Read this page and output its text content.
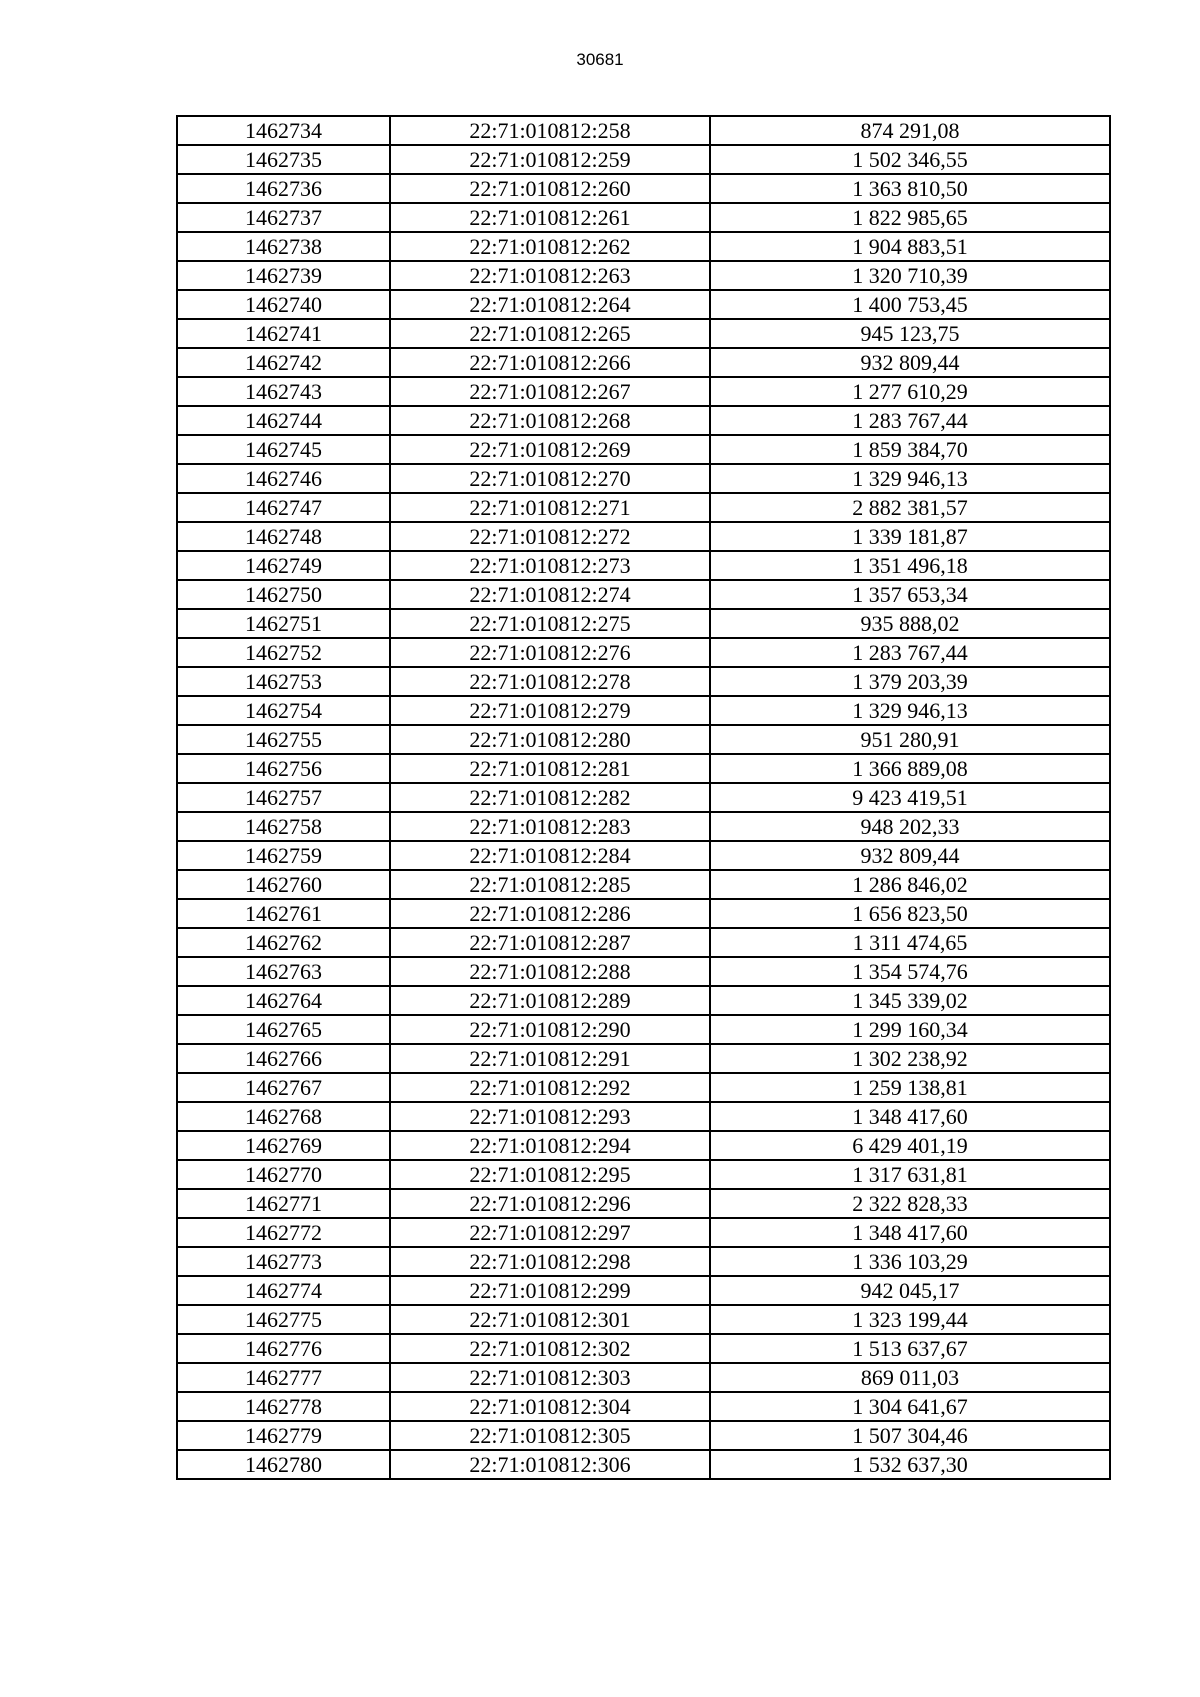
30681
1462734	22:71:010812:258	874 291,08
1462735	22:71:010812:259	1 502 346,55
1462736	22:71:010812:260	1 363 810,50
1462737	22:71:010812:261	1 822 985,65
1462738	22:71:010812:262	1 904 883,51
1462739	22:71:010812:263	1 320 710,39
1462740	22:71:010812:264	1 400 753,45
1462741	22:71:010812:265	945 123,75
1462742	22:71:010812:266	932 809,44
1462743	22:71:010812:267	1 277 610,29
1462744	22:71:010812:268	1 283 767,44
1462745	22:71:010812:269	1 859 384,70
1462746	22:71:010812:270	1 329 946,13
1462747	22:71:010812:271	2 882 381,57
1462748	22:71:010812:272	1 339 181,87
1462749	22:71:010812:273	1 351 496,18
1462750	22:71:010812:274	1 357 653,34
1462751	22:71:010812:275	935 888,02
1462752	22:71:010812:276	1 283 767,44
1462753	22:71:010812:278	1 379 203,39
1462754	22:71:010812:279	1 329 946,13
1462755	22:71:010812:280	951 280,91
1462756	22:71:010812:281	1 366 889,08
1462757	22:71:010812:282	9 423 419,51
1462758	22:71:010812:283	948 202,33
1462759	22:71:010812:284	932 809,44
1462760	22:71:010812:285	1 286 846,02
1462761	22:71:010812:286	1 656 823,50
1462762	22:71:010812:287	1 311 474,65
1462763	22:71:010812:288	1 354 574,76
1462764	22:71:010812:289	1 345 339,02
1462765	22:71:010812:290	1 299 160,34
1462766	22:71:010812:291	1 302 238,92
1462767	22:71:010812:292	1 259 138,81
1462768	22:71:010812:293	1 348 417,60
1462769	22:71:010812:294	6 429 401,19
1462770	22:71:010812:295	1 317 631,81
1462771	22:71:010812:296	2 322 828,33
1462772	22:71:010812:297	1 348 417,60
1462773	22:71:010812:298	1 336 103,29
1462774	22:71:010812:299	942 045,17
1462775	22:71:010812:301	1 323 199,44
1462776	22:71:010812:302	1 513 637,67
1462777	22:71:010812:303	869 011,03
1462778	22:71:010812:304	1 304 641,67
1462779	22:71:010812:305	1 507 304,46
1462780	22:71:010812:306	1 532 637,30
